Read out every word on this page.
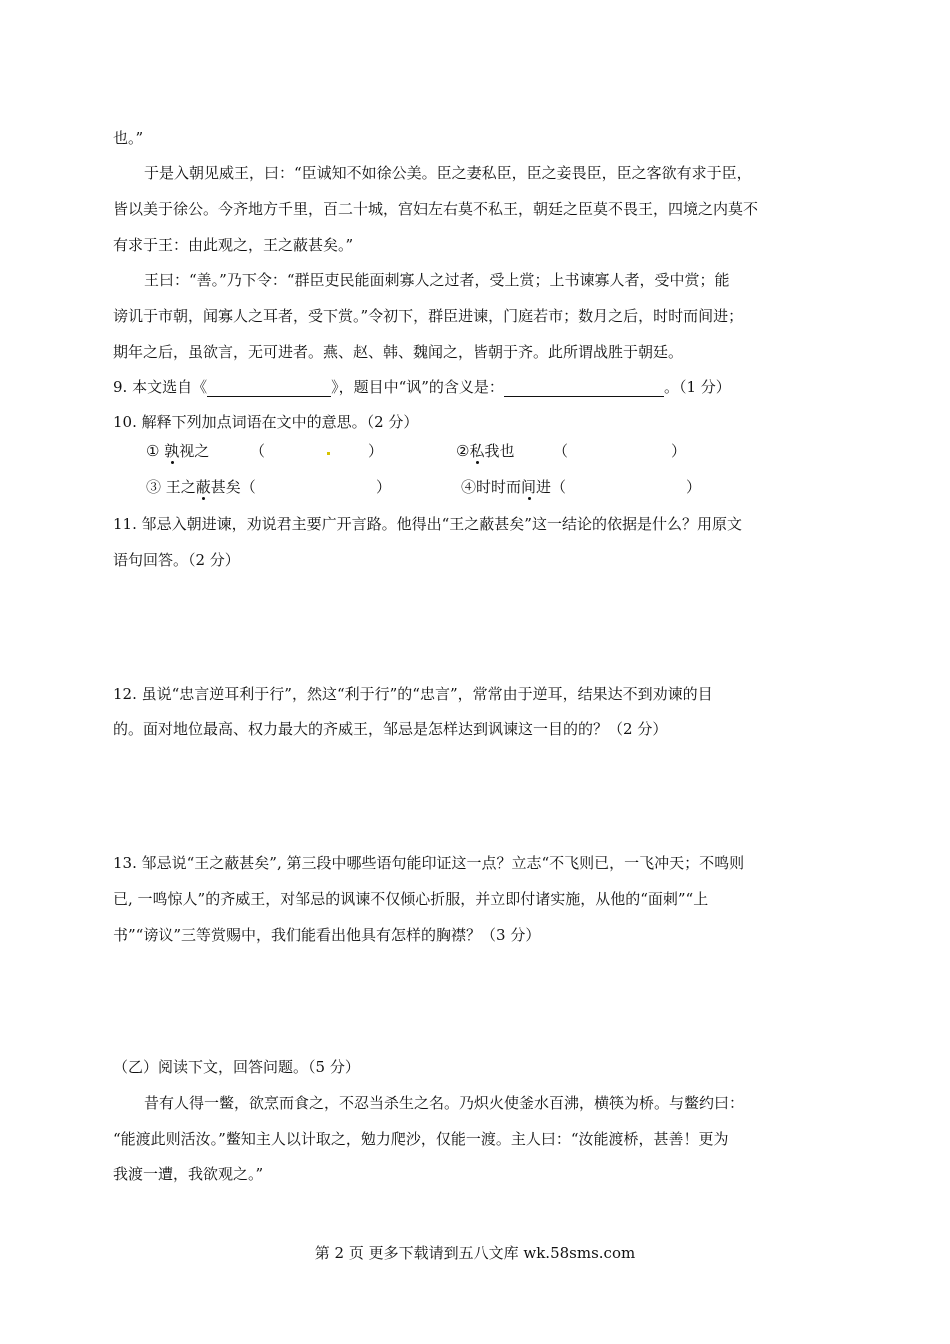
也。”
于是入朝见威王，曰：“臣诚知不如徐公美。臣之妻私臣，臣之妾畏臣，臣之客欲有求于臣，
皆以美于徐公。今齐地方千里，百二十城，宫妇左右莫不私王，朝廷之臣莫不畏王，四境之内莫不
有求于王：由此观之，王之蔽甚矣。”
王曰：“善。”乃下令：“群臣吏民能面刺寡人之过者，受上赏；上书谏寡人者，受中赏；能
谤讥于市朝，闻寡人之耳者，受下赏。”令初下，群臣进谏，门庭若市；数月之后，时时而间进；
期年之后，虽欲言，无可进者。燕、赵、韩、魏闻之，皆朝于齐。此所谓战胜于朝廷。
9. 本文选自《	》，题目中“讽”的含义是：	。（1 分）
10. 解释下列加点词语在文中的意思。（2 分）
① 孰视之	（	）	②私我也	（	）
③ 王之蔽甚矣（	）	④时时而间进（	）
11. 邹忌入朝进谏，劝说君主要广开言路。他得出“王之蔽甚矣”这一结论的依据是什么？用原文
语句回答。（2 分）
12. 虽说“忠言逆耳利于行”，然这“利于行”的“忠言”，常常由于逆耳，结果达不到劝谏的目
的。面对地位最高、权力最大的齐威王，邹忌是怎样达到讽谏这一目的的？（2 分）
13. 邹忌说“王之蔽甚矣”, 第三段中哪些语句能印证这一点？立志“不飞则已，一飞冲天；不鸣则
已, 一鸣惊人”的齐威王，对邹忌的讽谏不仅倾心折服，并立即付诸实施，从他的“面刺”“上
书”“谤议”三等赏赐中，我们能看出他具有怎样的胸襟？（3 分）
（乙）阅读下文，回答问题。（5 分）
昔有人得一鳖，欲烹而食之，不忍当杀生之名。乃炽火使釜水百沸，横筷为桥。与鳖约曰：
“能渡此则活汝。”鳖知主人以计取之，勉力爬沙，仅能一渡。主人曰：“汝能渡桥，甚善！更为
我渡一遭，我欲观之。”
第 2 页 更多下载请到五八文库 wk.58sms.com
